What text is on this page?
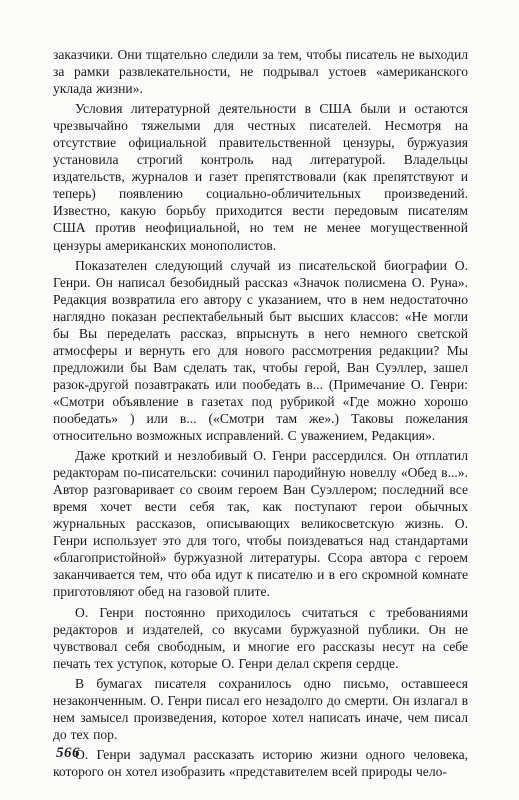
заказчики. Они тщательно следили за тем, чтобы писатель не выходил за рамки развлекательности, не подрывал устоев «американского уклада жизни».

Условия литературной деятельности в США были и остаются чрезвычайно тяжелыми для честных писателей. Несмотря на отсутствие официальной правительственной цензуры, буржуазия установила строгий контроль над литературой. Владельцы издательств, журналов и газет препятствовали (как препятствуют и теперь) появлению социально-обличительных произведений. Известно, какую борьбу приходится вести передовым писателям США против неофициальной, но тем не менее могущественной цензуры американских монополистов.

Показателен следующий случай из писательской биографии О. Генри. Он написал безобидный рассказ «Значок полисмена О. Руна». Редакция возвратила его автору с указанием, что в нем недостаточно наглядно показан респектабельный быт высших классов: «Не могли бы Вы переделать рассказ, впрыснуть в него немного светской атмосферы и вернуть его для нового рассмотрения редакции? Мы предложили бы Вам сделать так, чтобы герой, Ван Суэллер, зашел разок-другой позавтракать или пообедать в... (Примечание О. Генри: «Смотри объявление в газетах под рубрикой «Где можно хорошо пообедать» ) или в... («Смотри там же».) Таковы пожелания относительно возможных исправлений. С уважением, Редакция».

Даже кроткий и незлобивый О. Генри рассердился. Он отплатил редакторам по-писательски: сочинил пародийную новеллу «Обед в...». Автор разговаривает со своим героем Ван Суэллером; последний все время хочет вести себя так, как поступают герои обычных журнальных рассказов, описывающих великосветскую жизнь. О. Генри использует это для того, чтобы поиздеваться над стандартами «благопристойной» буржуазной литературы. Ссора автора с героем заканчивается тем, что оба идут к писателю и в его скромной комнате приготовляют обед на газовой плите.

О. Генри постоянно приходилось считаться с требованиями редакторов и издателей, со вкусами буржуазной публики. Он не чувствовал себя свободным, и многие его рассказы несут на себе печать тех уступок, которые О. Генри делал скрепя сердце.

В бумагах писателя сохранилось одно письмо, оставшееся незаконченным. О. Генри писал его незадолго до смерти. Он излагал в нем замысел произведения, которое хотел написать иначе, чем писал до тех пор.

О. Генри задумал рассказать историю жизни одного человека, которого он хотел изобразить «представителем всей природы чело-

566
